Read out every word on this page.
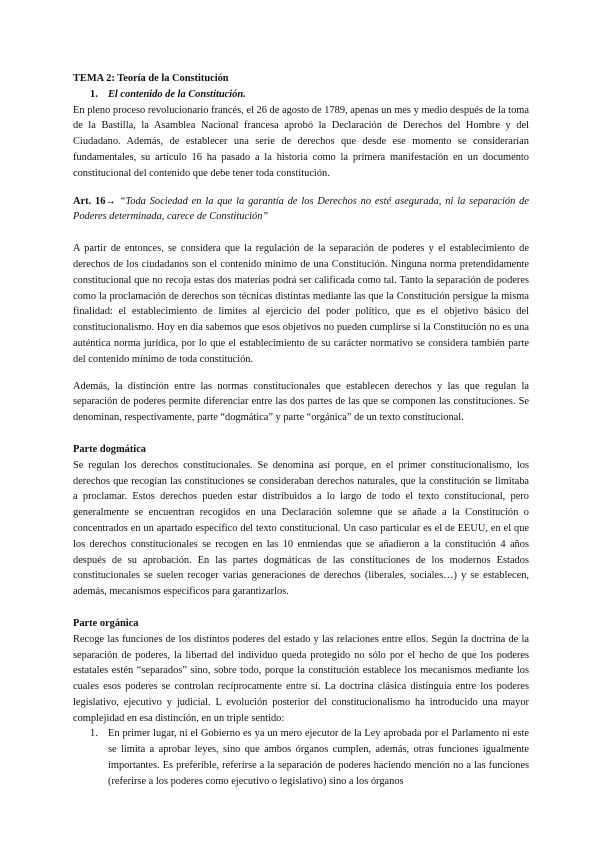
TEMA 2: Teoría de la Constitución

1. El contenido de la Constitución.

En pleno proceso revolucionario francés, el 26 de agosto de 1789, apenas un mes y medio después de la toma de la Bastilla, la Asamblea Nacional francesa aprobó la Declaración de Derechos del Hombre y del Ciudadano. Además, de establecer una serie de derechos que desde ese momento se considerarían fundamentales, su artículo 16 ha pasado a la historia como la primera manifestación en un documento constitucional del contenido que debe tener toda constitución.

Art. 16→ “Toda Sociedad en la que la garantía de los Derechos no esté asegurada, ni la separación de Poderes determinada, carece de Constitución”

A partir de entonces, se considera que la regulación de la separación de poderes y el establecimiento de derechos de los ciudadanos son el contenido mínimo de una Constitución. Ninguna norma pretendidamente constitucional que no recoja estas dos materias podrá ser calificada como tal. Tanto la separación de poderes como la proclamación de derechos son técnicas distintas mediante las que la Constitución persigue la misma finalidad: el establecimiento de límites al ejercicio del poder político, que es el objetivo básico del constitucionalismo. Hoy en día sabemos que esos objetivos no pueden cumplirse si la Constitución no es una auténtica norma jurídica, por lo que el establecimiento de su carácter normativo se considera también parte del contenido mínimo de toda constitución.

Además, la distinción entre las normas constitucionales que establecen derechos y las que regulan la separación de poderes permite diferenciar entre las dos partes de las que se componen las constituciones. Se denominan, respectivamente, parte “dogmática” y parte “orgánica” de un texto constitucional.

Parte dogmática

Se regulan los derechos constitucionales. Se denomina así porque, en el primer constitucionalismo, los derechos que recogían las constituciones se consideraban derechos naturales, que la constitución se limitaba a proclamar. Estos derechos pueden estar distribuidos a lo largo de todo el texto constitucional, pero generalmente se encuentran recogidos en una Declaración solemne que se añade a la Constitución o concentrados en un apartado específico del texto constitucional. Un caso particular es el de EEUU, en el que los derechos constitucionales se recogen en las 10 enmiendas que se añadieron a la constitución 4 años después de su aprobación. En las partes dogmáticas de las constituciones de los modernos Estados constitucionales se suelen recoger varias generaciones de derechos (liberales, sociales…) y se establecen, además, mecanismos específicos para garantizarlos.

Parte orgánica

Recoge las funciones de los distintos poderes del estado y las relaciones entre ellos. Según la doctrina de la separación de poderes, la libertad del individuo queda protegido no sólo por el hecho de que los poderes estatales estén “separados” sino, sobre todo, porque la constitución establece los mecanismos mediante los cuales esos poderes se controlan recíprocamente entre sí. La doctrina clásica distinguía entre los poderes legislativo, ejecutivo y judicial. L evolución posterior del constitucionalismo ha introducido una mayor complejidad en esa distinción, en un triple sentido:

1. En primer lugar, ni el Gobierno es ya un mero ejecutor de la Ley aprobada por el Parlamento ni este se limita a aprobar leyes, sino que ambos órganos cumplen, además, otras funciones igualmente importantes. Es preferible, referirse a la separación de poderes haciendo mención no a las funciones (referirse a los poderes como ejecutivo o legislativo) sino a los órganos
